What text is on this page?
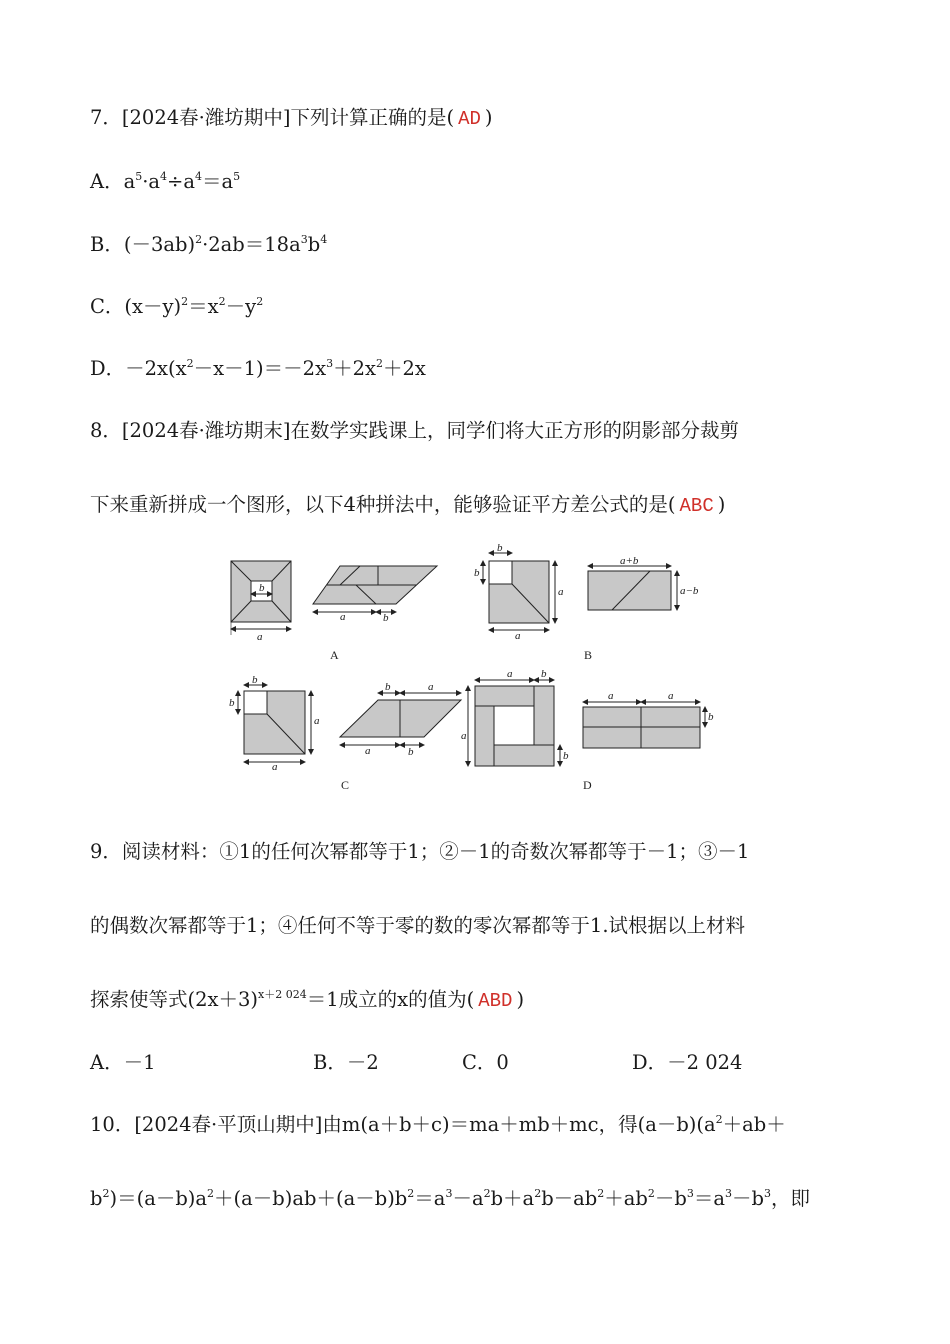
7．[2024春·潍坊期中]下列计算正确的是( AD )
A．$a^5\cdot a^4\div a^4=a^5$
B．$(-3ab)^2\cdot 2ab=18a^3b^4$
C．$(x-y)^2=x^2-y^2$
D．$-2x(x^2-x-1)=-2x^3+2x^2+2x$
8．[2024春·潍坊期末]在数学实践课上，同学们将大正方形的阴影部分裁剪
下来重新拼成一个图形，以下4种拼法中，能够验证平方差公式的是( ABC )
a
b
a	b
b
b
a
a
a+b
a−b
b
b
a
a
b	a
a	b
a	b
a
b
a	a
b
A	B
C	D
9．阅读材料：①1的任何次幂都等于1；②－1的奇数次幂都等于－1；③－1
的偶数次幂都等于1；④任何不等于零的数的零次幂都等于1.试根据以上材料
探索使等式$(2x+3)^{x+2 024}=1$成立的x的值为( ABD )
A．－1	B．－2	C．0	D．－2 024
10．[2024春·平顶山期中]由m(a＋b＋c)＝ma＋mb＋mc，得$(a-b)(a^2+ab+$
$b^2)=(a-b)a^2+(a-b)ab+(a-b)b^2=a^3-a^2b+a^2b-ab^2+ab^2-b^3=a^3-b^3$，即
